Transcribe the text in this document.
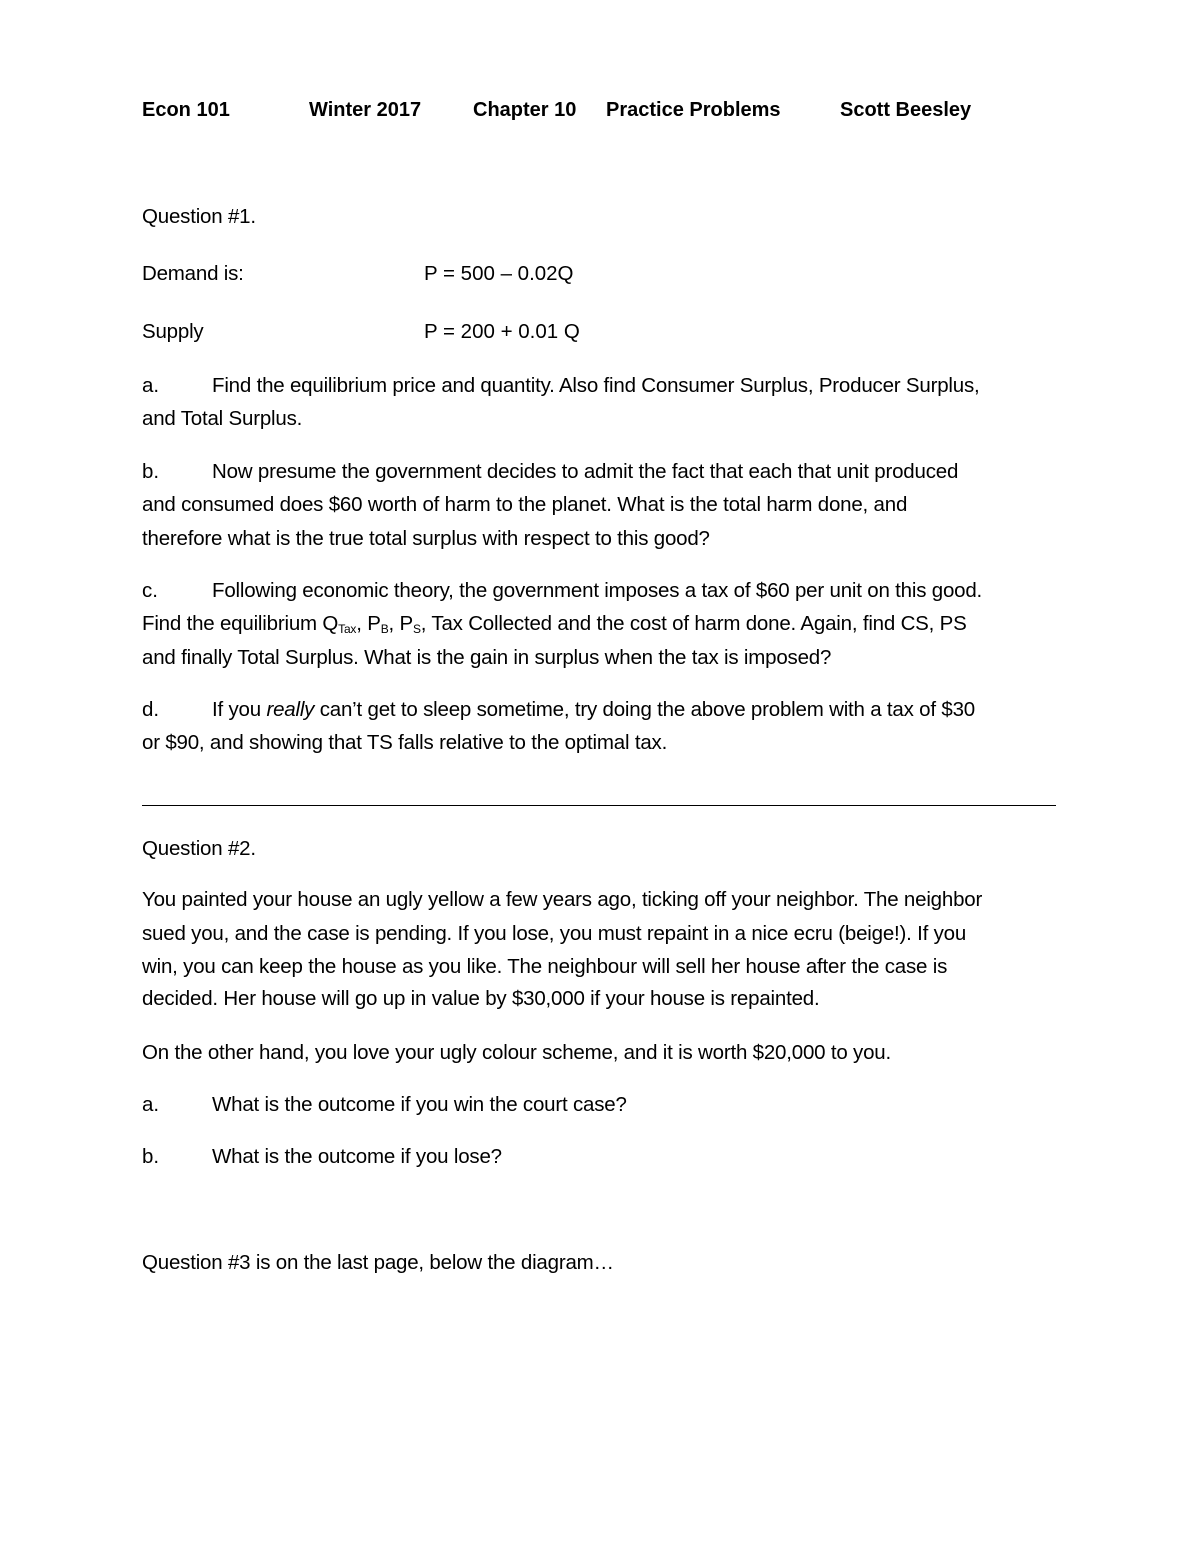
Econ 101	Winter 2017	Chapter 10 Practice Problems	Scott Beesley
Question #1.
Demand is:	P = 500 – 0.02Q
Supply	P = 200 + 0.01 Q
a.	Find the equilibrium price and quantity. Also find Consumer Surplus, Producer Surplus,
and Total Surplus.
b.	Now presume the government decides to admit the fact that each that unit produced
and consumed does $60 worth of harm to the planet. What is the total harm done, and
therefore what is the true total surplus with respect to this good?
c.	Following economic theory, the government imposes a tax of $60 per unit on this good.
Find the equilibrium $Q_{Tax}$, $P_B$, $P_S$, Tax Collected and the cost of harm done. Again, find CS, PS
and finally Total Surplus. What is the gain in surplus when the tax is imposed?
d.	If you really can’t get to sleep sometime, try doing the above problem with a tax of $30
or $90, and showing that TS falls relative to the optimal tax.
Question #2.
You painted your house an ugly yellow a few years ago, ticking off your neighbor. The neighbor
sued you, and the case is pending. If you lose, you must repaint in a nice ecru (beige!). If you
win, you can keep the house as you like. The neighbour will sell her house after the case is
decided. Her house will go up in value by $30,000 if your house is repainted.
On the other hand, you love your ugly colour scheme, and it is worth $20,000 to you.
a.	What is the outcome if you win the court case?
b.	What is the outcome if you lose?
Question #3 is on the last page, below the diagram…
